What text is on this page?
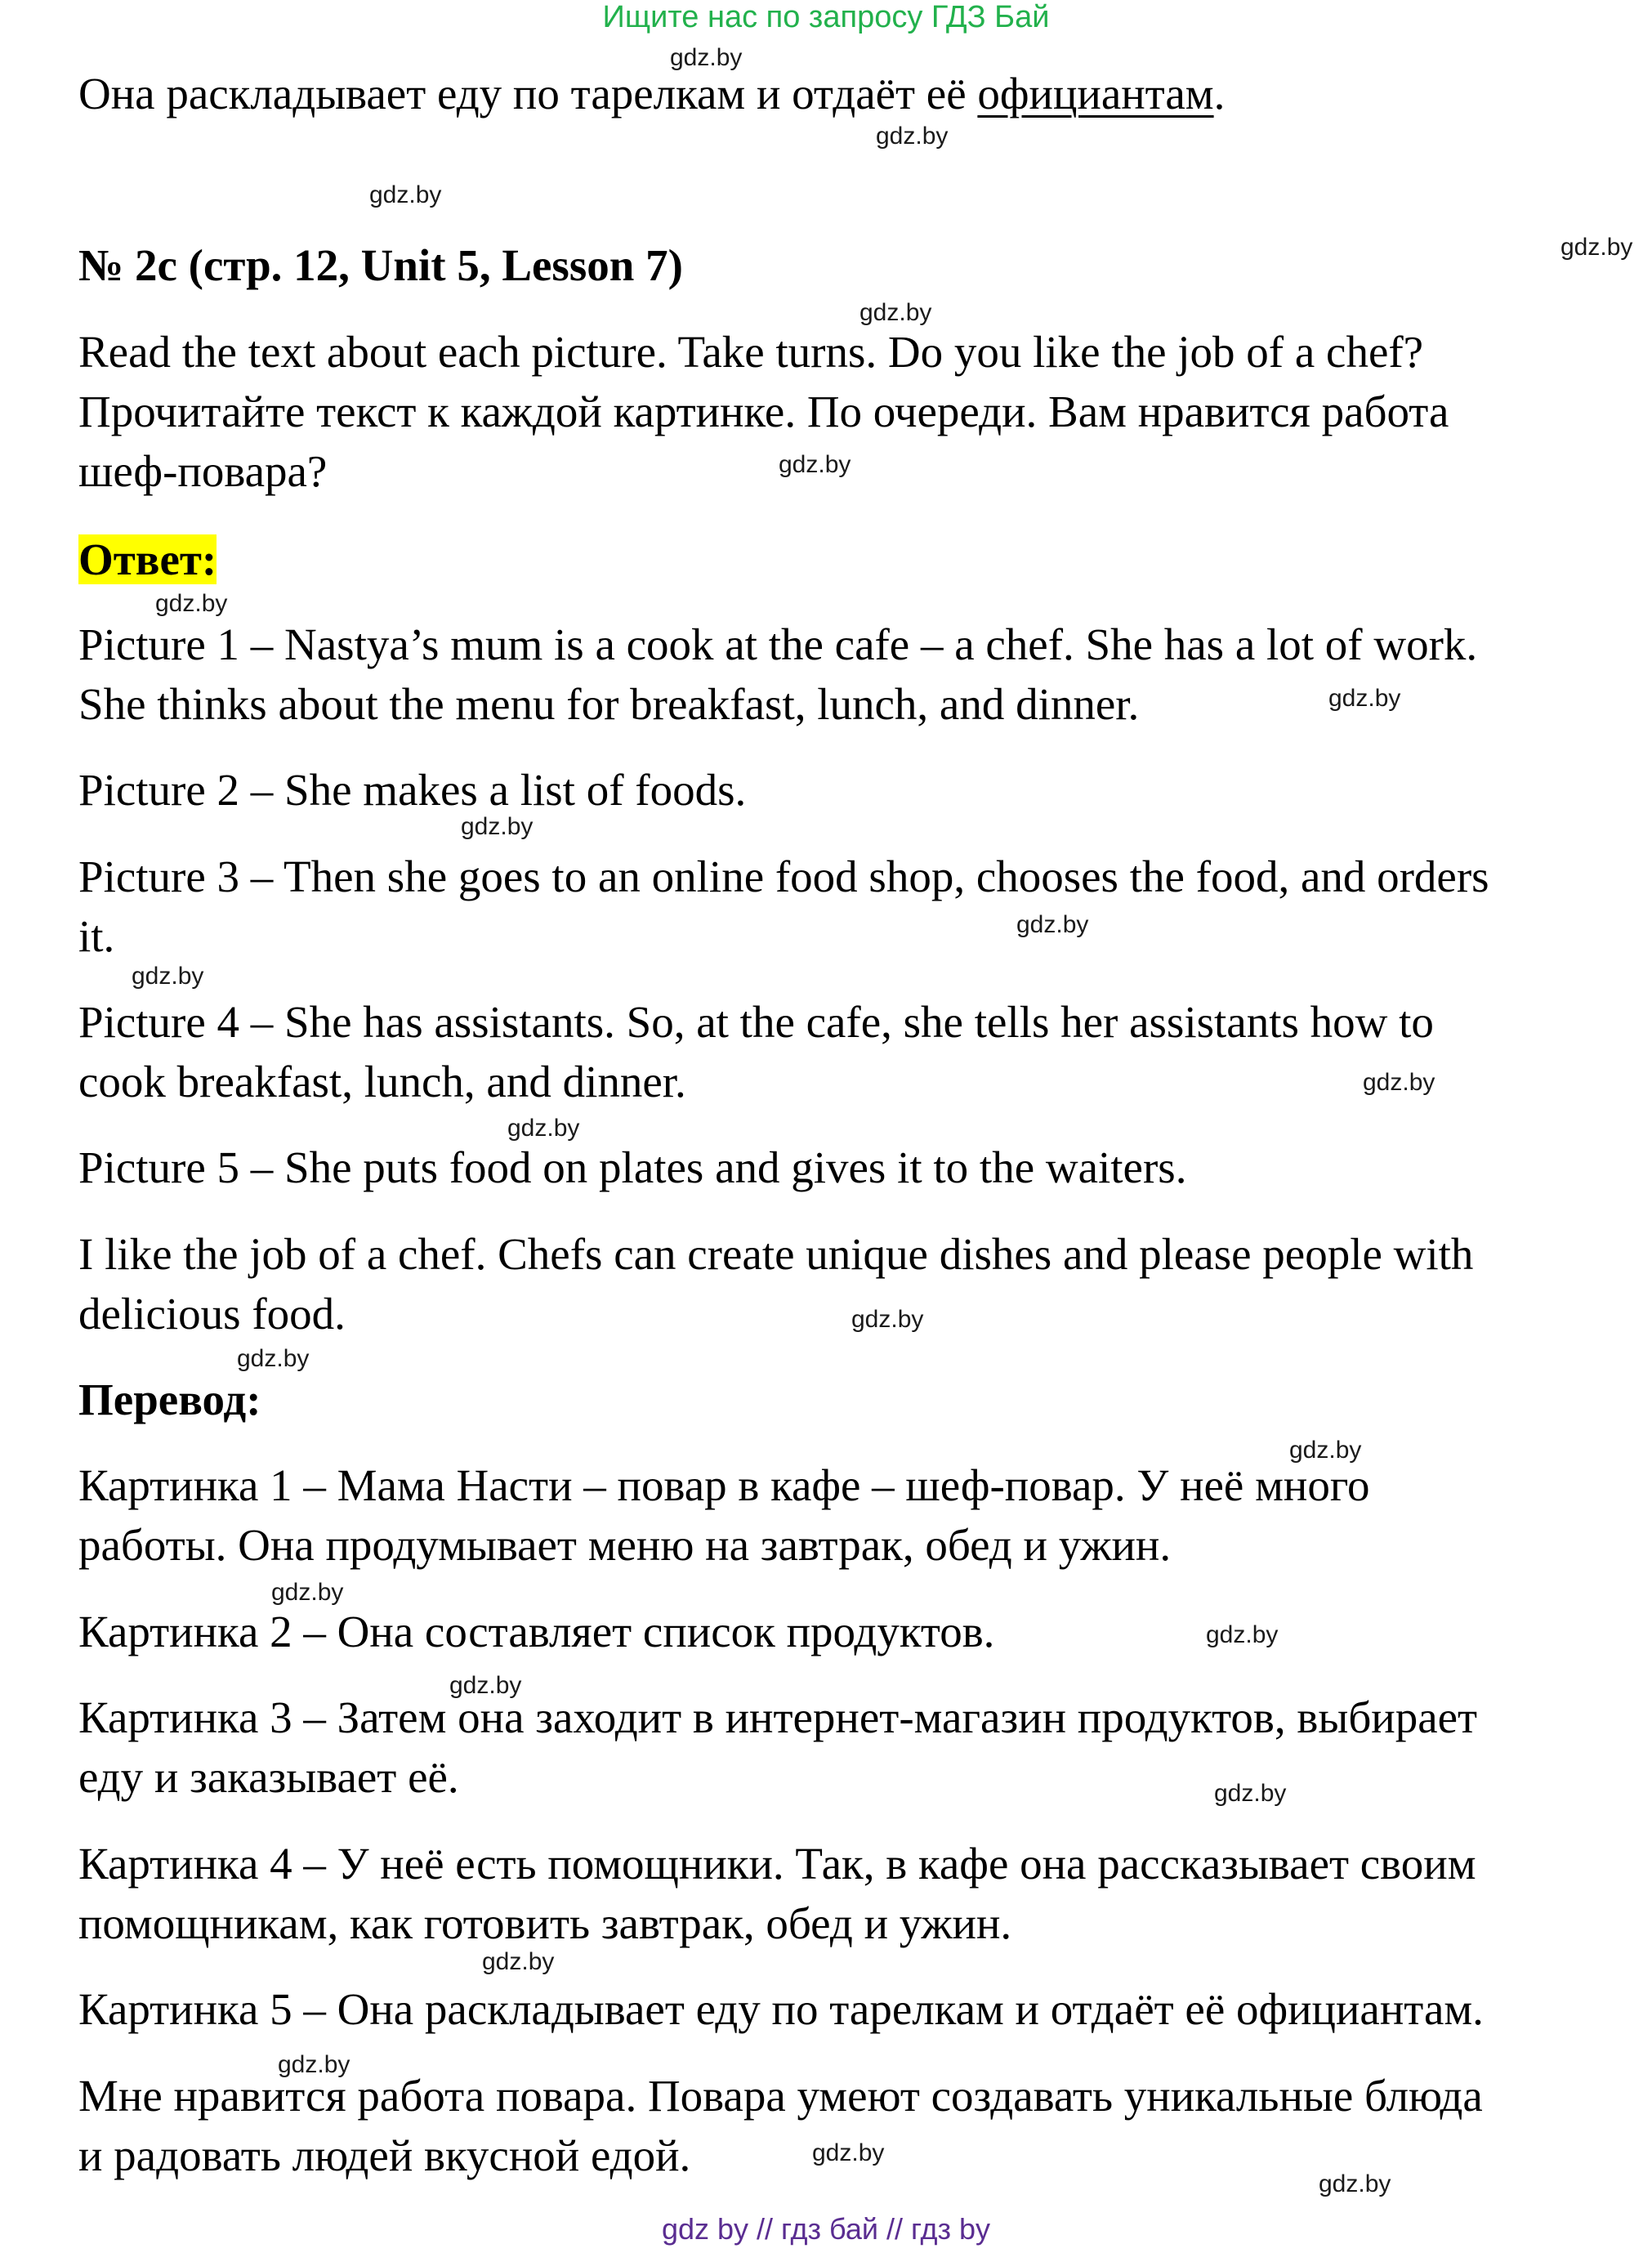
Ищите нас по запросу ГДЗ Бай
Она раскладывает еду по тарелкам и отдаёт её официантам.
№ 2c (стр. 12, Unit 5, Lesson 7)
Read the text about each picture. Take turns. Do you like the job of a chef?
Прочитайте текст к каждой картинке. По очереди. Вам нравится работа
шеф-повара?
Ответ:
Picture 1 – Nastya’s mum is a cook at the cafe – a chef. She has a lot of work.
She thinks about the menu for breakfast, lunch, and dinner.
Picture 2 – She makes a list of foods.
Picture 3 – Then she goes to an online food shop, chooses the food, and orders
it.
Picture 4 – She has assistants. So, at the cafe, she tells her assistants how to
cook breakfast, lunch, and dinner.
Picture 5 – She puts food on plates and gives it to the waiters.
I like the job of a chef. Chefs can create unique dishes and please people with
delicious food.
Перевод:
Картинка 1 – Мама Насти – повар в кафе – шеф-повар. У неё много
работы. Она продумывает меню на завтрак, обед и ужин.
Картинка 2 – Она составляет список продуктов.
Картинка 3 – Затем она заходит в интернет-магазин продуктов, выбирает
еду и заказывает её.
Картинка 4 – У неё есть помощники. Так, в кафе она рассказывает своим
помощникам, как готовить завтрак, обед и ужин.
Картинка 5 – Она раскладывает еду по тарелкам и отдаёт её официантам.
Мне нравится работа повара. Повара умеют создавать уникальные блюда
и радовать людей вкусной едой.
gdz.by
gdz.by
gdz.by
gdz.by
gdz.by
gdz.by
gdz.by
gdz.by
gdz.by
gdz.by
gdz.by
gdz.by
gdz.by
gdz.by
gdz.by
gdz.by
gdz.by
gdz.by
gdz.by
gdz.by
gdz.by
gdz.by
gdz.by
gdz.by
gdz by // гдз бай // гдз by
